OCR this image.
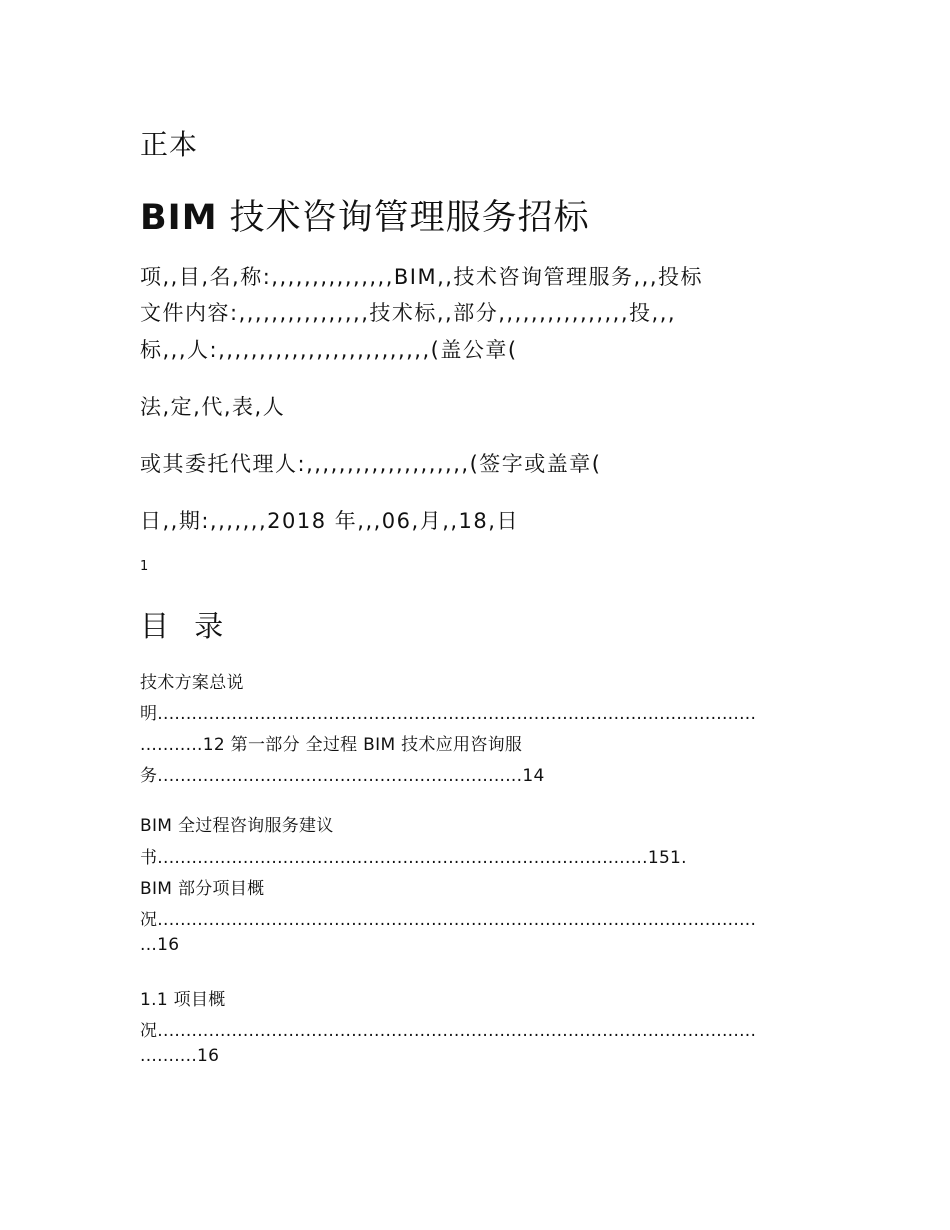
正本

BIM 技术咨询管理服务招标

项,,目,名,称:,,,,,,,,,,,,,,,BIM,,技术咨询管理服务,,,投标

文件内容:,,,,,,,,,,,,,,,,技术标,,部分,,,,,,,,,,,,,,,,投,,,

标,,,人:,,,,,,,,,,,,,,,,,,,,,,,,,,(盖公章(

法,定,代,表,人

或其委托代理人:,,,,,,,,,,,,,,,,,,,,(签字或盖章(

日,,期:,,,,,,,2018 年,,,06,月,,18,日

1

目 录

技术方案总说

明.........................................................................................................

...........12 第一部分 全过程 BIM 技术应用咨询服

务................................................................14

BIM 全过程咨询服务建议

书......................................................................................151.

BIM 部分项目概

况.........................................................................................................

...16

1.1 项目概

况.........................................................................................................

..........16
